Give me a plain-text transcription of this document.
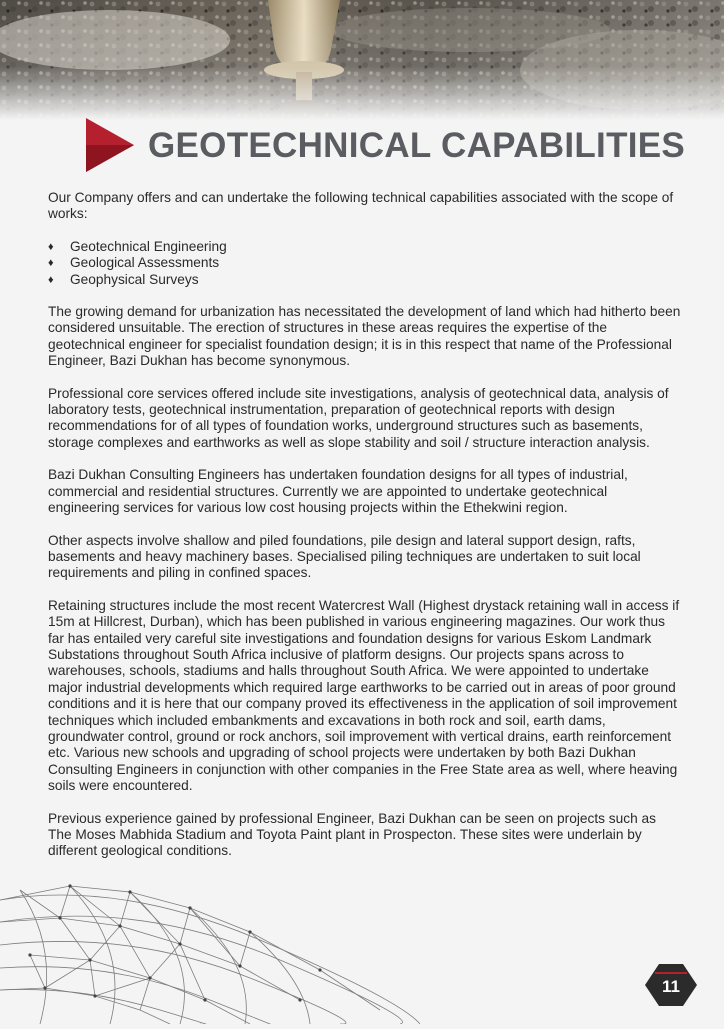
GEOTECHNICAL CAPABILITIES

Our Company offers and can undertake the following technical capabilities associated with the scope of works:

♦	Geotechnical Engineering
♦	Geological Assessments
♦	Geophysical Surveys

The growing demand for urbanization has necessitated the development of land which had hitherto been considered unsuitable. The erection of structures in these areas requires the expertise of the geotechnical engineer for specialist foundation design; it is in this respect that name of the Professional Engineer, Bazi Dukhan has become synonymous.

Professional core services offered include site investigations, analysis of geotechnical data, analysis of laboratory tests, geotechnical instrumentation, preparation of geotechnical reports with design recommendations for of all types of foundation works, underground structures such as basements, storage complexes and earthworks as well as slope stability and soil / structure interaction analysis.

Bazi Dukhan Consulting Engineers has undertaken foundation designs for all types of industrial, commercial and residential structures. Currently we are appointed to undertake geotechnical engineering services for various low cost housing projects within the Ethekwini region.

Other aspects involve shallow and piled foundations, pile design and lateral support design, rafts, basements and heavy machinery bases. Specialised piling techniques are undertaken to suit local requirements and piling in confined spaces.

Retaining structures include the most recent Watercrest Wall (Highest drystack retaining wall in access if 15m at Hillcrest, Durban), which has been published in various engineering magazines. Our work thus far has entailed very careful site investigations and foundation designs for various Eskom Landmark Substations throughout South Africa inclusive of platform designs. Our projects spans across to warehouses, schools, stadiums and halls throughout South Africa. We were appointed to undertake major industrial developments which required large earthworks to be carried out in areas of poor ground conditions and it is here that our company proved its effectiveness in the application of soil improvement techniques which included embankments and excavations in both rock and soil, earth dams, groundwater control, ground or rock anchors, soil improvement with vertical drains, earth reinforcement etc. Various new schools and upgrading of school projects were undertaken by both Bazi Dukhan Consulting Engineers in conjunction with other companies in the Free State area as well, where heaving soils were encountered.

Previous experience gained by professional Engineer, Bazi Dukhan can be seen on projects such as The Moses Mabhida Stadium and Toyota Paint plant in Prospecton. These sites were underlain by different geological conditions.

11
